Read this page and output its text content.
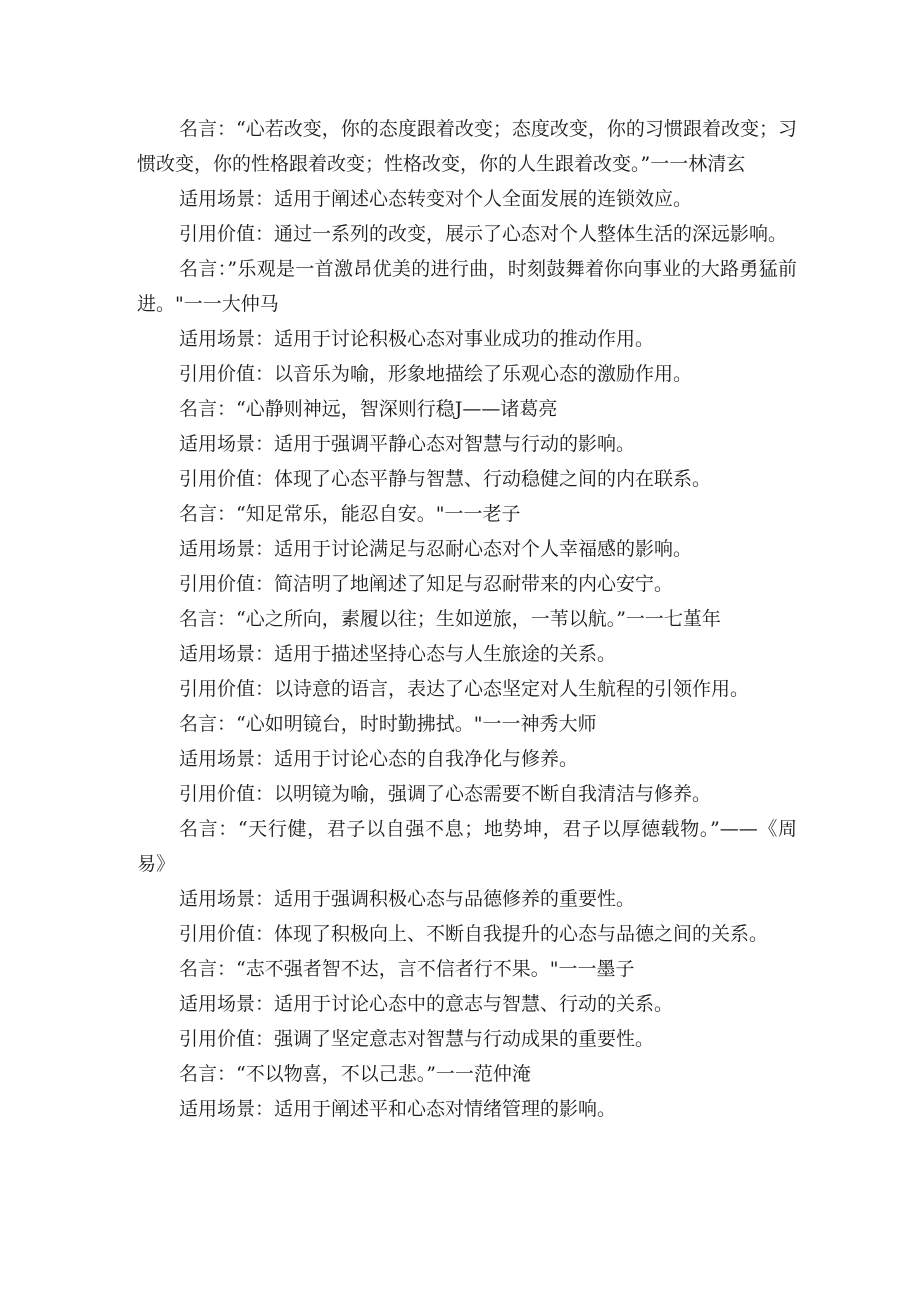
名言：“心若改变，你的态度跟着改变；态度改变，你的习惯跟着改变；习惯改变，你的性格跟着改变；性格改变，你的人生跟着改变。”一一林清玄

适用场景：适用于阐述心态转变对个人全面发展的连锁效应。

引用价值：通过一系列的改变，展示了心态对个人整体生活的深远影响。

名言：”乐观是一首激昂优美的进行曲，时刻鼓舞着你向事业的大路勇猛前进。"一一大仲马

适用场景：适用于讨论积极心态对事业成功的推动作用。

引用价值：以音乐为喻，形象地描绘了乐观心态的激励作用。

名言：“心静则神远，智深则行稳J——诸葛亮

适用场景：适用于强调平静心态对智慧与行动的影响。

引用价值：体现了心态平静与智慧、行动稳健之间的内在联系。

名言：“知足常乐，能忍自安。"一一老子

适用场景：适用于讨论满足与忍耐心态对个人幸福感的影响。

引用价值：简洁明了地阐述了知足与忍耐带来的内心安宁。

名言：“心之所向，素履以往；生如逆旅，一苇以航。”一一七堇年

适用场景：适用于描述坚持心态与人生旅途的关系。

引用价值：以诗意的语言，表达了心态坚定对人生航程的引领作用。

名言：“心如明镜台，时时勤拂拭。"一一神秀大师

适用场景：适用于讨论心态的自我净化与修养。

引用价值：以明镜为喻，强调了心态需要不断自我清洁与修养。

名言：“天行健，君子以自强不息；地势坤，君子以厚德载物。”——《周易》

适用场景：适用于强调积极心态与品德修养的重要性。

引用价值：体现了积极向上、不断自我提升的心态与品德之间的关系。

名言：“志不强者智不达，言不信者行不果。"一一墨子

适用场景：适用于讨论心态中的意志与智慧、行动的关系。

引用价值：强调了坚定意志对智慧与行动成果的重要性。

名言：“不以物喜，不以己悲。”一一范仲淹

适用场景：适用于阐述平和心态对情绪管理的影响。
